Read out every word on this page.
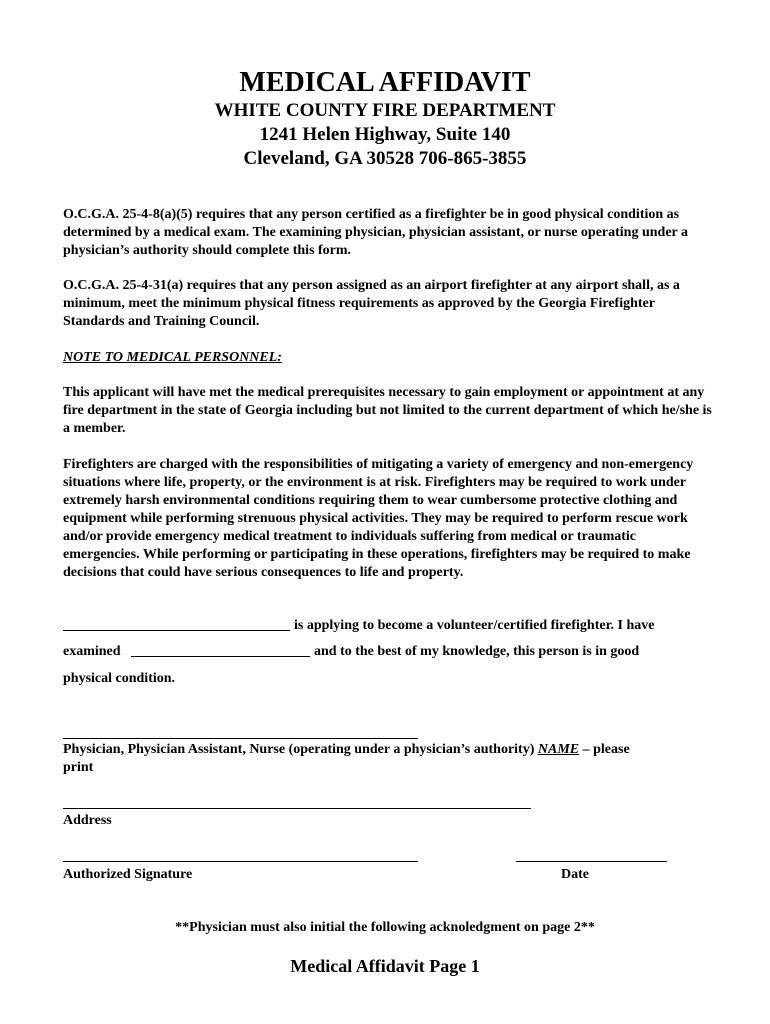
MEDICAL AFFIDAVIT
WHITE COUNTY FIRE DEPARTMENT
1241 Helen Highway, Suite 140
Cleveland, GA 30528 706-865-3855

O.C.G.A. 25-4-8(a)(5) requires that any person certified as a firefighter be in good physical condition as determined by a medical exam. The examining physician, physician assistant, or nurse operating under a physician’s authority should complete this form.

O.C.G.A. 25-4-31(a) requires that any person assigned as an airport firefighter at any airport shall, as a minimum, meet the minimum physical fitness requirements as approved by the Georgia Firefighter Standards and Training Council.

NOTE TO MEDICAL PERSONNEL:

This applicant will have met the medical prerequisites necessary to gain employment or appointment at any fire department in the state of Georgia including but not limited to the current department of which he/she is a member.

Firefighters are charged with the responsibilities of mitigating a variety of emergency and non-emergency situations where life, property, or the environment is at risk. Firefighters may be required to work under extremely harsh environmental conditions requiring them to wear cumbersome protective clothing and equipment while performing strenuous physical activities. They may be required to perform rescue work and/or provide emergency medical treatment to individuals suffering from medical or traumatic emergencies. While performing or participating in these operations, firefighters may be required to make decisions that could have serious consequences to life and property.

is applying to become a volunteer/certified firefighter. I have
examined	and to the best of my knowledge, this person is in good
physical condition.
Physician, Physician Assistant, Nurse (operating under a physician’s authority) NAME – please
print
Address
Authorized Signature	Date
**Physician must also initial the following acknoledgment on page 2**
Medical Affidavit Page 1
